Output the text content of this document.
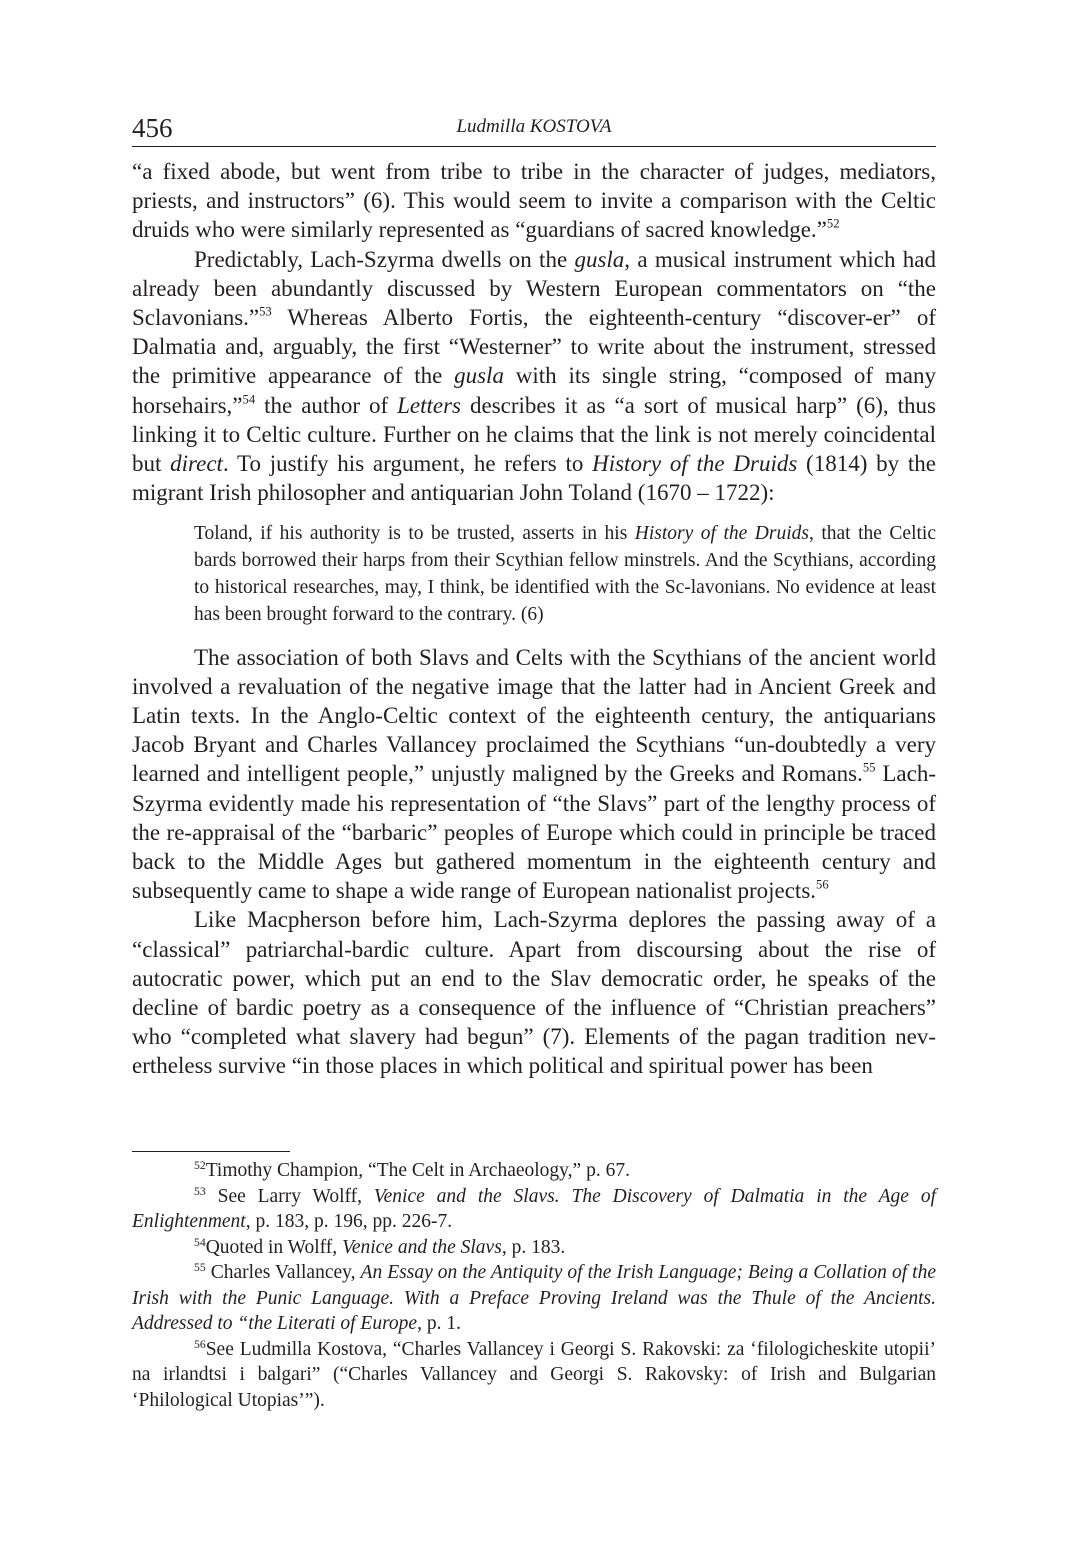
456	Ludmilla KOSTOVA

“a fixed abode, but went from tribe to tribe in the character of judges, mediators, priests, and instructors” (6). This would seem to invite a comparison with the Celtic druids who were similarly represented as “guardians of sacred knowledge.”$^{52}$

Predictably, Lach-Szyrma dwells on the gusla, a musical instrument which had already been abundantly discussed by Western European commentators on “the Sclavonians.”$^{53}$ Whereas Alberto Fortis, the eighteenth-century “discover-er” of Dalmatia and, arguably, the first “Westerner” to write about the instrument, stressed the primitive appearance of the gusla with its single string, “composed of many horsehairs,”$^{54}$ the author of Letters describes it as “a sort of musical harp” (6), thus linking it to Celtic culture. Further on he claims that the link is not merely coincidental but direct. To justify his argument, he refers to History of the Druids (1814) by the migrant Irish philosopher and antiquarian John Toland (1670 – 1722):

Toland, if his authority is to be trusted, asserts in his History of the Druids, that the Celtic bards borrowed their harps from their Scythian fellow minstrels. And the Scythians, according to historical researches, may, I think, be identified with the Sc-lavonians. No evidence at least has been brought forward to the contrary. (6)

The association of both Slavs and Celts with the Scythians of the ancient world involved a revaluation of the negative image that the latter had in Ancient Greek and Latin texts. In the Anglo-Celtic context of the eighteenth century, the antiquarians Jacob Bryant and Charles Vallancey proclaimed the Scythians “un-doubtedly a very learned and intelligent people,” unjustly maligned by the Greeks and Romans.$^{55}$ Lach-Szyrma evidently made his representation of “the Slavs” part of the lengthy process of the re-appraisal of the “barbaric” peoples of Europe which could in principle be traced back to the Middle Ages but gathered momentum in the eighteenth century and subsequently came to shape a wide range of European nationalist projects.$^{56}$

Like Macpherson before him, Lach-Szyrma deplores the passing away of a “classical” patriarchal-bardic culture. Apart from discoursing about the rise of autocratic power, which put an end to the Slav democratic order, he speaks of the decline of bardic poetry as a consequence of the influence of “Christian preachers” who “completed what slavery had begun” (7). Elements of the pagan tradition nev-ertheless survive “in those places in which political and spiritual power has been

$^{52}$Timothy Champion, “The Celt in Archaeology,” p. 67.

$^{53}$ See Larry Wolff, Venice and the Slavs. The Discovery of Dalmatia in the Age of Enlightenment, p. 183, p. 196, pp. 226-7.

$^{54}$Quoted in Wolff, Venice and the Slavs, p. 183.

$^{55}$ Charles Vallancey, An Essay on the Antiquity of the Irish Language; Being a Collation of the Irish with the Punic Language. With a Preface Proving Ireland was the Thule of the Ancients. Addressed to “the Literati of Europe, p. 1.

$^{56}$See Ludmilla Kostova, “Charles Vallancey i Georgi S. Rakovski: za ‘filologicheskite utopii’ na irlandtsi i balgari” (“Charles Vallancey and Georgi S. Rakovsky: of Irish and Bulgarian ‘Philological Utopias’”).
